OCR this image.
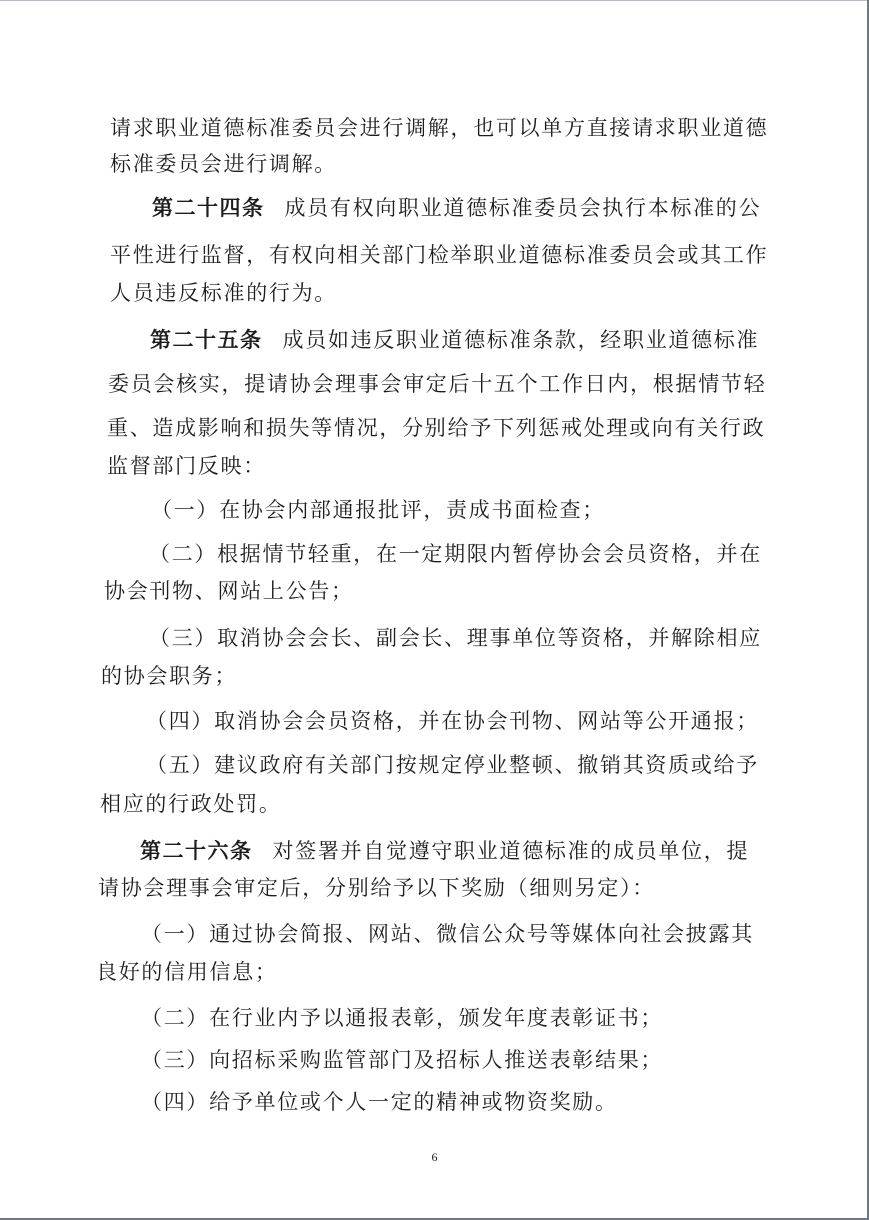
请求职业道德标准委员会进行调解，也可以单方直接请求职业道德
标准委员会进行调解。
第二十四条 成员有权向职业道德标准委员会执行本标准的公
平性进行监督，有权向相关部门检举职业道德标准委员会或其工作
人员违反标准的行为。
第二十五条 成员如违反职业道德标准条款，经职业道德标准
委员会核实，提请协会理事会审定后十五个工作日内，根据情节轻
重、造成影响和损失等情况，分别给予下列惩戒处理或向有关行政
监督部门反映：
（一）在协会内部通报批评，责成书面检查；
（二）根据情节轻重，在一定期限内暂停协会会员资格，并在
协会刊物、网站上公告；
（三）取消协会会长、副会长、理事单位等资格，并解除相应
的协会职务；
（四）取消协会会员资格，并在协会刊物、网站等公开通报；
（五）建议政府有关部门按规定停业整顿、撤销其资质或给予
相应的行政处罚。
第二十六条 对签署并自觉遵守职业道德标准的成员单位，提
请协会理事会审定后，分别给予以下奖励（细则另定）：
（一）通过协会简报、网站、微信公众号等媒体向社会披露其
良好的信用信息；
（二）在行业内予以通报表彰，颁发年度表彰证书；
（三）向招标采购监管部门及招标人推送表彰结果；
（四）给予单位或个人一定的精神或物资奖励。
6
